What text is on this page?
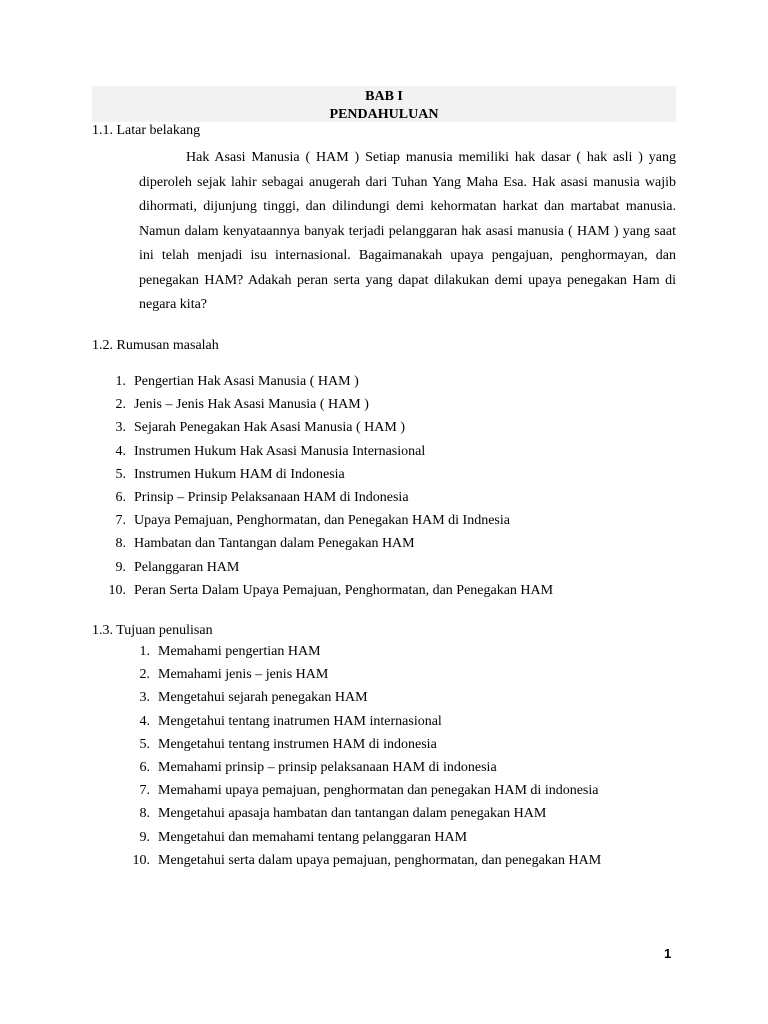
BAB I
PENDAHULUAN
1.1. Latar belakang

Hak Asasi Manusia ( HAM ) Setiap manusia memiliki hak dasar ( hak asli ) yang diperoleh sejak lahir sebagai anugerah dari Tuhan Yang Maha Esa. Hak asasi manusia wajib dihormati, dijunjung tinggi, dan dilindungi demi kehormatan harkat dan martabat manusia. Namun dalam kenyataannya banyak terjadi pelanggaran hak asasi manusia ( HAM ) yang saat ini telah menjadi isu internasional. Bagaimanakah upaya pengajuan, penghormayan, dan penegakan HAM? Adakah peran serta yang dapat dilakukan demi upaya penegakan Ham di negara kita?

1.2. Rumusan masalah
1. Pengertian Hak Asasi Manusia ( HAM )
2. Jenis – Jenis Hak Asasi Manusia ( HAM )
3. Sejarah Penegakan Hak Asasi Manusia ( HAM )
4. Instrumen Hukum Hak Asasi Manusia Internasional
5. Instrumen Hukum HAM di Indonesia
6. Prinsip – Prinsip Pelaksanaan HAM di Indonesia
7. Upaya Pemajuan, Penghormatan, dan Penegakan HAM di Indnesia
8. Hambatan dan Tantangan dalam Penegakan HAM
9. Pelanggaran HAM
10. Peran Serta Dalam Upaya Pemajuan, Penghormatan, dan Penegakan HAM
1.3. Tujuan penulisan
1. Memahami pengertian HAM
2. Memahami jenis – jenis HAM
3. Mengetahui sejarah penegakan HAM
4. Mengetahui tentang inatrumen HAM internasional
5. Mengetahui tentang instrumen HAM di indonesia
6. Memahami prinsip – prinsip pelaksanaan HAM di indonesia
7. Memahami upaya pemajuan, penghormatan dan penegakan HAM di indonesia
8. Mengetahui apasaja hambatan dan tantangan dalam penegakan HAM
9. Mengetahui dan memahami tentang pelanggaran HAM
10. Mengetahui serta dalam upaya pemajuan, penghormatan, dan penegakan HAM
1
